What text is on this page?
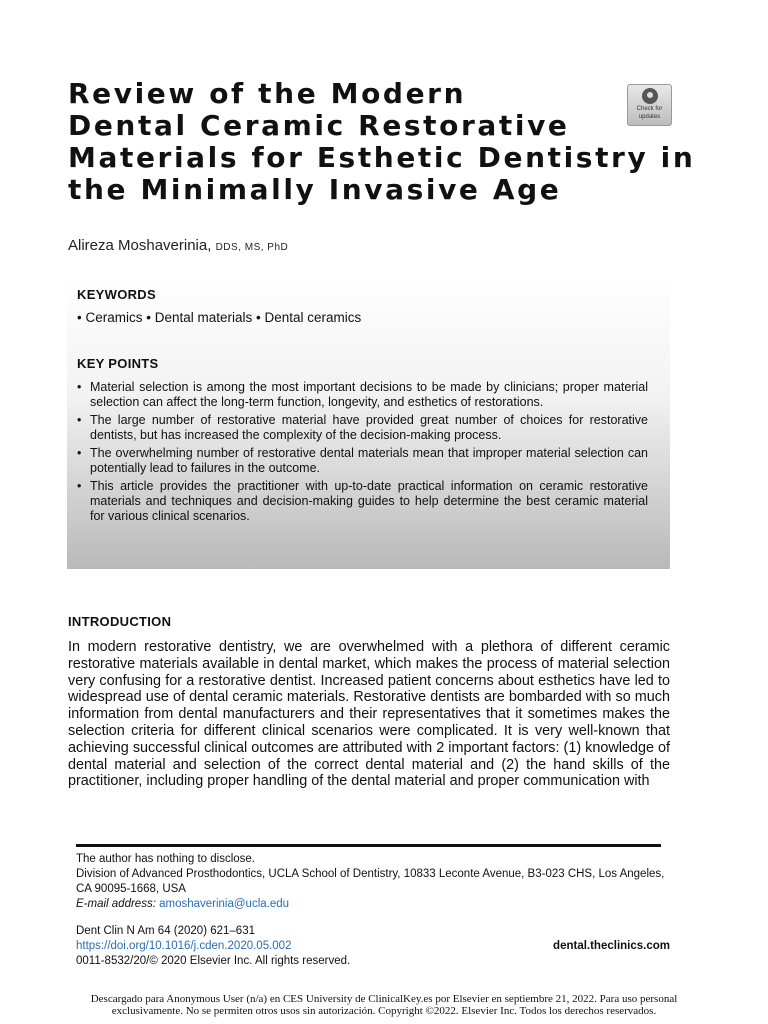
Review of the Modern
Dental Ceramic Restorative
Materials for Esthetic Dentistry in
the Minimally Invasive Age
Check for
updates
Alireza Moshaverinia, DDS, MS, PhD
KEYWORDS
• Ceramics • Dental materials • Dental ceramics
KEY POINTS
• Material selection is among the most important decisions to be made by clinicians; proper material selection can affect the long-term function, longevity, and esthetics of restorations.
• The large number of restorative material have provided great number of choices for restorative dentists, but has increased the complexity of the decision-making process.
• The overwhelming number of restorative dental materials mean that improper material selection can potentially lead to failures in the outcome.
• This article provides the practitioner with up-to-date practical information on ceramic restorative materials and techniques and decision-making guides to help determine the best ceramic material for various clinical scenarios.
INTRODUCTION

In modern restorative dentistry, we are overwhelmed with a plethora of different ceramic restorative materials available in dental market, which makes the process of material selection very confusing for a restorative dentist. Increased patient concerns about esthetics have led to widespread use of dental ceramic materials. Restorative dentists are bombarded with so much information from dental manufacturers and their representatives that it sometimes makes the selection criteria for different clinical scenarios were complicated. It is very well-known that achieving successful clinical outcomes are attributed with 2 important factors: (1) knowledge of dental material and selection of the correct dental material and (2) the hand skills of the practitioner, including proper handling of the dental material and proper communication with

The author has nothing to disclose.

Division of Advanced Prosthodontics, UCLA School of Dentistry, 10833 Leconte Avenue, B3-023 CHS, Los Angeles, CA 90095-1668, USA

E-mail address: amoshaverinia@ucla.edu

Dent Clin N Am 64 (2020) 621–631

https://doi.org/10.1016/j.cden.2020.05.002

0011-8532/20/© 2020 Elsevier Inc. All rights reserved.

dental.theclinics.com

Descargado para Anonymous User (n/a) en CES University de ClinicalKey.es por Elsevier en septiembre 21, 2022. Para uso personal

exclusivamente. No se permiten otros usos sin autorización. Copyright ©2022. Elsevier Inc. Todos los derechos reservados.
